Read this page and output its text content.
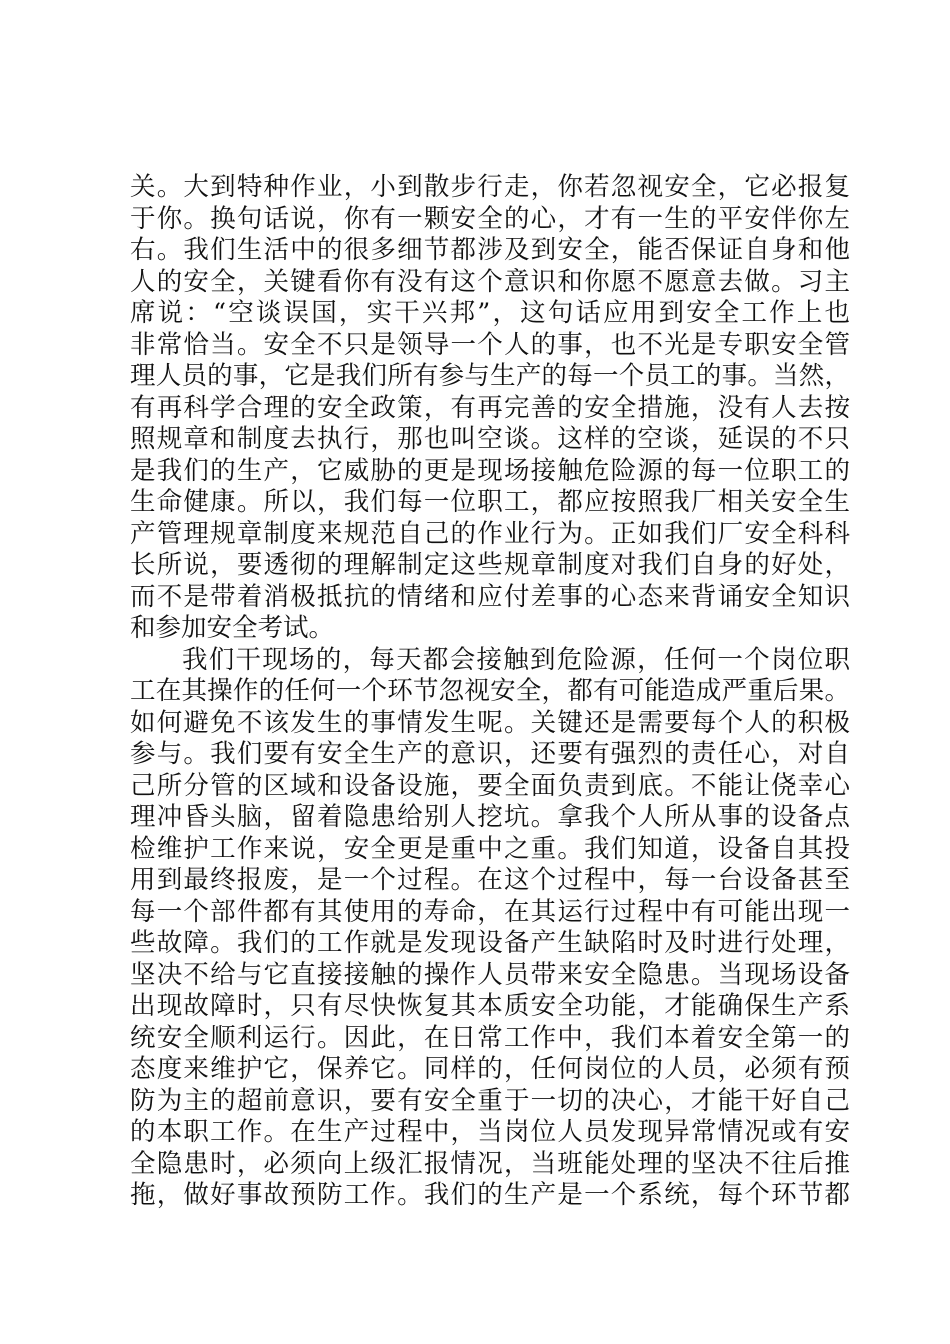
关。大到特种作业，小到散步行走，你若忽视安全，它必报复
于你。换句话说，你有一颗安全的心，才有一生的平安伴你左
右。我们生活中的很多细节都涉及到安全，能否保证自身和他
人的安全，关键看你有没有这个意识和你愿不愿意去做。习主
席说：“空谈误国，实干兴邦”，这句话应用到安全工作上也
非常恰当。安全不只是领导一个人的事，也不光是专职安全管
理人员的事，它是我们所有参与生产的每一个员工的事。当然，
有再科学合理的安全政策，有再完善的安全措施，没有人去按
照规章和制度去执行，那也叫空谈。这样的空谈，延误的不只
是我们的生产，它威胁的更是现场接触危险源的每一位职工的
生命健康。所以，我们每一位职工，都应按照我厂相关安全生
产管理规章制度来规范自己的作业行为。正如我们厂安全科科
长所说，要透彻的理解制定这些规章制度对我们自身的好处，
而不是带着消极抵抗的情绪和应付差事的心态来背诵安全知识
和参加安全考试。
我们干现场的，每天都会接触到危险源，任何一个岗位职
工在其操作的任何一个环节忽视安全，都有可能造成严重后果。
如何避免不该发生的事情发生呢。关键还是需要每个人的积极
参与。我们要有安全生产的意识，还要有强烈的责任心，对自
己所分管的区域和设备设施，要全面负责到底。不能让侥幸心
理冲昏头脑，留着隐患给别人挖坑。拿我个人所从事的设备点
检维护工作来说，安全更是重中之重。我们知道，设备自其投
用到最终报废，是一个过程。在这个过程中，每一台设备甚至
每一个部件都有其使用的寿命，在其运行过程中有可能出现一
些故障。我们的工作就是发现设备产生缺陷时及时进行处理，
坚决不给与它直接接触的操作人员带来安全隐患。当现场设备
出现故障时，只有尽快恢复其本质安全功能，才能确保生产系
统安全顺利运行。因此，在日常工作中，我们本着安全第一的
态度来维护它，保养它。同样的，任何岗位的人员，必须有预
防为主的超前意识，要有安全重于一切的决心，才能干好自己
的本职工作。在生产过程中，当岗位人员发现异常情况或有安
全隐患时，必须向上级汇报情况，当班能处理的坚决不往后推
拖，做好事故预防工作。我们的生产是一个系统，每个环节都
